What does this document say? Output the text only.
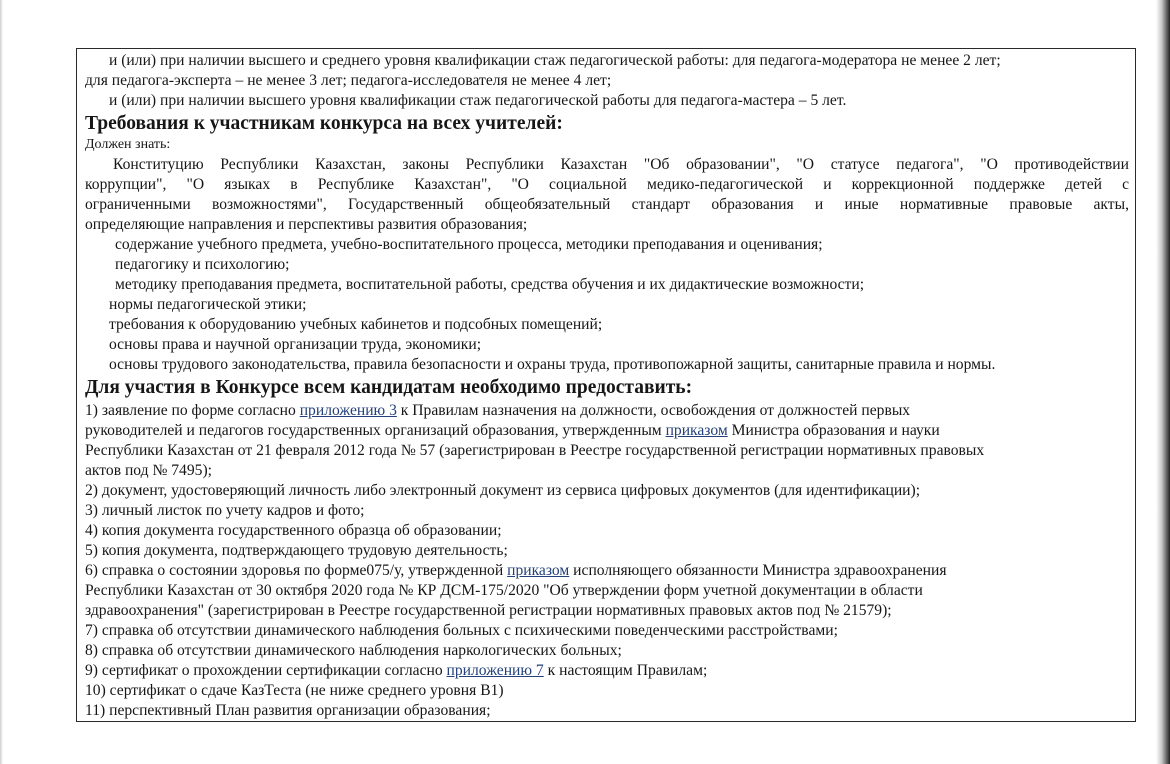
и (или) при наличии высшего и среднего уровня квалификации стаж педагогической работы: для педагога-модератора не менее 2 лет;
для педагога-эксперта – не менее 3 лет; педагога-исследователя не менее 4 лет;
и (или) при наличии высшего уровня квалификации стаж педагогической работы для педагога-мастера – 5 лет.
Требования к участникам конкурса на всех учителей:
Должен знать:
Конституцию Республики Казахстан, законы Республики Казахстан "Об образовании", "О статусе педагога", "О противодействии
коррупции", "О языках в Республике Казахстан", "О социальной медико-педагогической и коррекционной поддержке детей с
ограниченными возможностями", Государственный общеобязательный стандарт образования и иные нормативные правовые акты,
определяющие направления и перспективы развития образования;
содержание учебного предмета, учебно-воспитательного процесса, методики преподавания и оценивания;
педагогику и психологию;
методику преподавания предмета, воспитательной работы, средства обучения и их дидактические возможности;
нормы педагогической этики;
требования к оборудованию учебных кабинетов и подсобных помещений;
основы права и научной организации труда, экономики;
основы трудового законодательства, правила безопасности и охраны труда, противопожарной защиты, санитарные правила и нормы.
Для участия в Конкурсе всем кандидатам необходимо предоставить:
1) заявление по форме согласно приложению 3 к Правилам назначения на должности, освобождения от должностей первых
руководителей и педагогов государственных организаций образования, утвержденным приказом Министра образования и науки
Республики Казахстан от 21 февраля 2012 года № 57 (зарегистрирован в Реестре государственной регистрации нормативных правовых
актов под № 7495);
2) документ, удостоверяющий личность либо электронный документ из сервиса цифровых документов (для идентификации);
3) личный листок по учету кадров и фото;
4) копия документа государственного образца об образовании;
5) копия документа, подтверждающего трудовую деятельность;
6) справка о состоянии здоровья по форме075/у, утвержденной приказом исполняющего обязанности Министра здравоохранения
Республики Казахстан от 30 октября 2020 года № КР ДСМ-175/2020 "Об утверждении форм учетной документации в области
здравоохранения" (зарегистрирован в Реестре государственной регистрации нормативных правовых актов под № 21579);
7) справка об отсутствии динамического наблюдения больных с психическими поведенческими расстройствами;
8) справка об отсутствии динамического наблюдения наркологических больных;
9) сертификат о прохождении сертификации согласно приложению 7 к настоящим Правилам;
10) сертификат о сдаче КазТеста (не ниже среднего уровня В1)
11) перспективный План развития организации образования;
